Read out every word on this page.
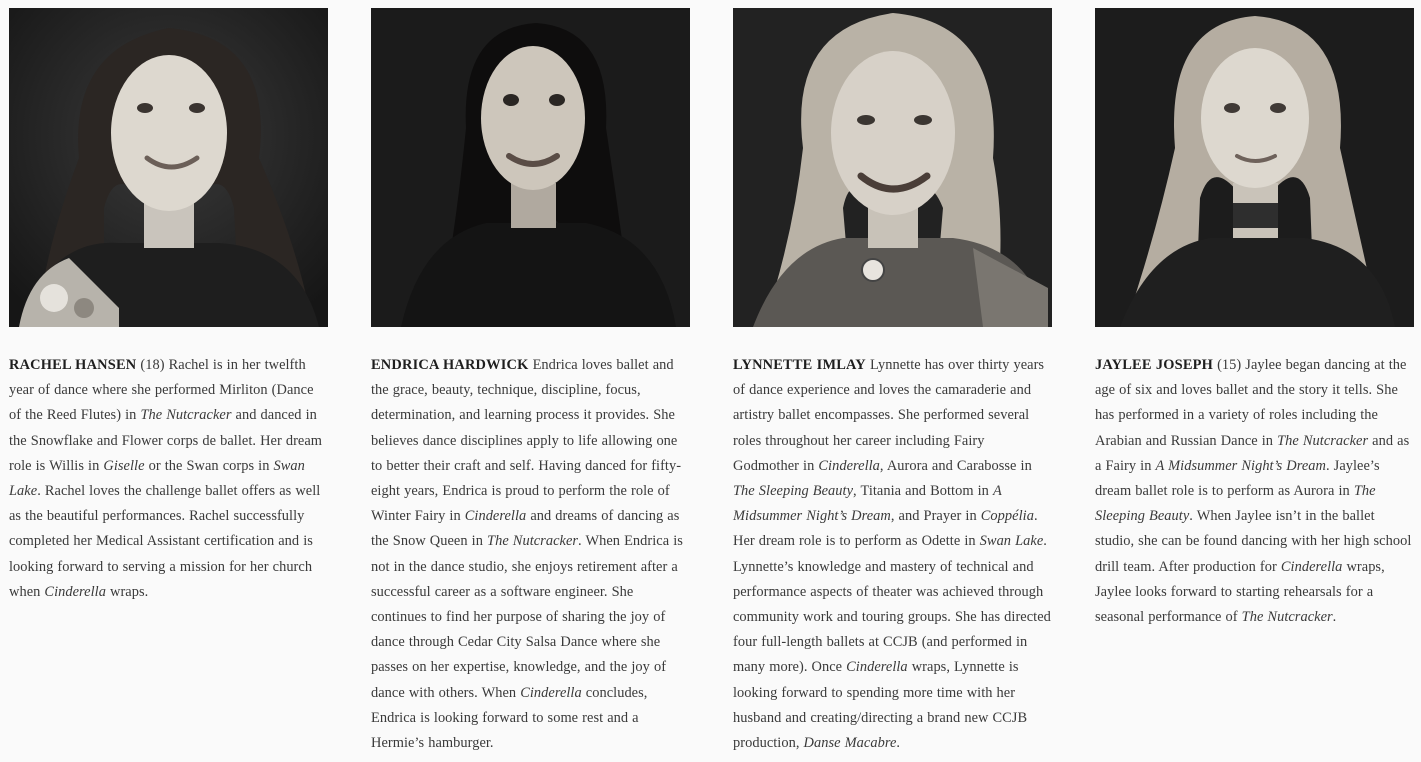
RACHEL HANSEN (18) Rachel is in her twelfth year of dance where she performed Mirliton (Dance of the Reed Flutes) in The Nutcracker and danced in the Snowflake and Flower corps de ballet. Her dream role is Willis in Giselle or the Swan corps in Swan Lake. Rachel loves the challenge ballet offers as well as the beautiful performances. Rachel successfully completed her Medical Assistant certification and is looking forward to serving a mission for her church when Cinderella wraps.

ENDRICA HARDWICK Endrica loves ballet and the grace, beauty, technique, discipline, focus, determination, and learning process it provides. She believes dance disciplines apply to life allowing one to better their craft and self. Having danced for fifty-eight years, Endrica is proud to perform the role of Winter Fairy in Cinderella and dreams of dancing as the Snow Queen in The Nutcracker. When Endrica is not in the dance studio, she enjoys retirement after a successful career as a software engineer. She continues to find her purpose of sharing the joy of dance through Cedar City Salsa Dance where she passes on her expertise, knowledge, and the joy of dance with others. When Cinderella concludes, Endrica is looking forward to some rest and a Hermie’s hamburger.

LYNNETTE IMLAY Lynnette has over thirty years of dance experience and loves the camaraderie and artistry ballet encompasses. She performed several roles throughout her career including Fairy Godmother in Cinderella, Aurora and Carabosse in The Sleeping Beauty, Titania and Bottom in A Midsummer Night’s Dream, and Prayer in Coppélia. Her dream role is to perform as Odette in Swan Lake. Lynnette’s knowledge and mastery of technical and performance aspects of theater was achieved through community work and touring groups. She has directed four full-length ballets at CCJB (and performed in many more). Once Cinderella wraps, Lynnette is looking forward to spending more time with her husband and creating/directing a brand new CCJB production, Danse Macabre.

JAYLEE JOSEPH (15) Jaylee began dancing at the age of six and loves ballet and the story it tells. She has performed in a variety of roles including the Arabian and Russian Dance in The Nutcracker and as a Fairy in A Midsummer Night’s Dream. Jaylee’s dream ballet role is to perform as Aurora in The Sleeping Beauty. When Jaylee isn’t in the ballet studio, she can be found dancing with her high school drill team. After production for Cinderella wraps, Jaylee looks forward to starting rehearsals for a seasonal performance of The Nutcracker.
